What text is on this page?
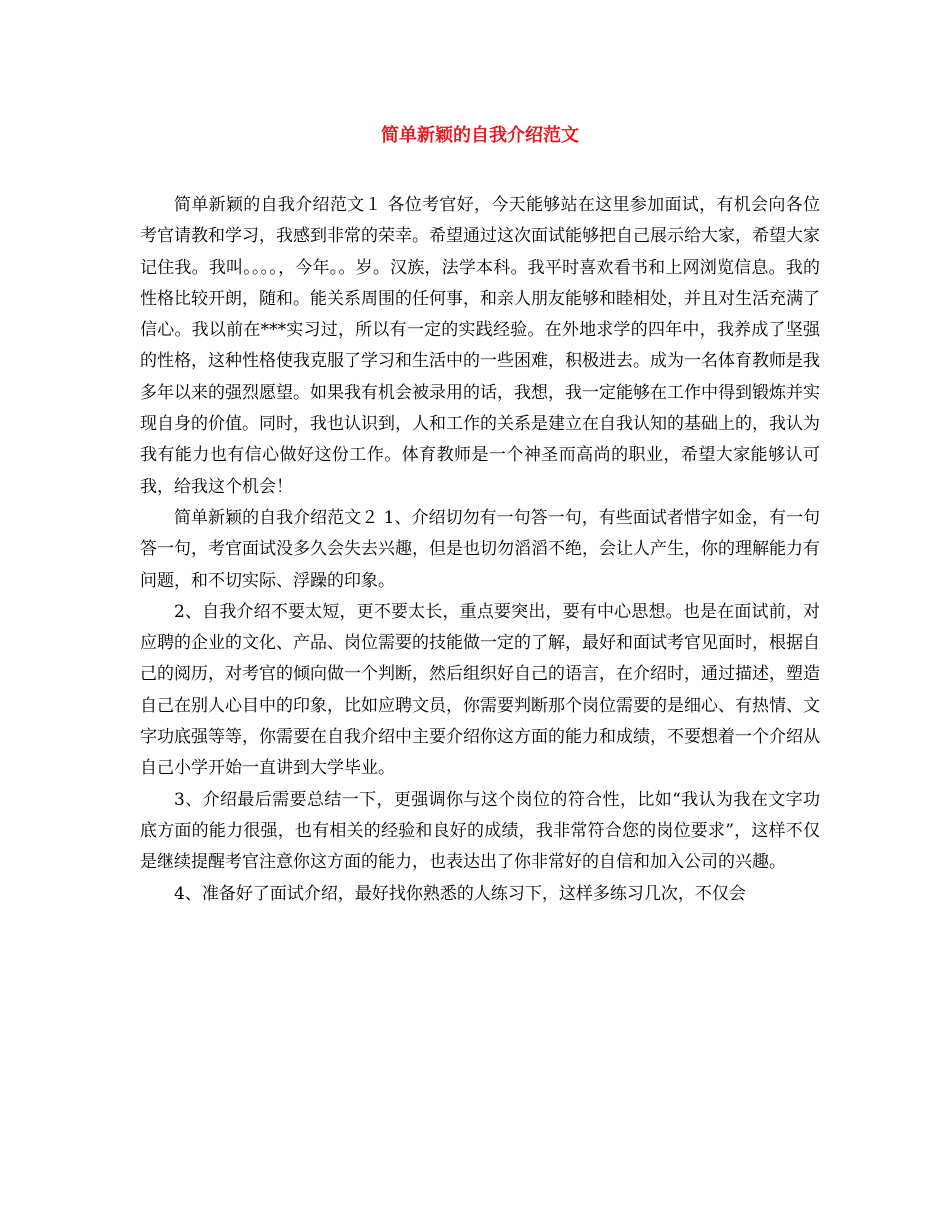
简单新颖的自我介绍范文

简单新颖的自我介绍范文１ 各位考官好，今天能够站在这里参加面试，有机会向各位考官请教和学习，我感到非常的荣幸。希望通过这次面试能够把自己展示给大家，希望大家记住我。我叫。。。。，今年。。岁。汉族，法学本科。我平时喜欢看书和上网浏览信息。我的性格比较开朗，随和。能关系周围的任何事，和亲人朋友能够和睦相处，并且对生活充满了信心。我以前在***实习过，所以有一定的实践经验。在外地求学的四年中，我养成了坚强的性格，这种性格使我克服了学习和生活中的一些困难，积极进去。成为一名体育教师是我多年以来的强烈愿望。如果我有机会被录用的话，我想，我一定能够在工作中得到锻炼并实现自身的价值。同时，我也认识到，人和工作的关系是建立在自我认知的基础上的，我认为我有能力也有信心做好这份工作。体育教师是一个神圣而高尚的职业，希望大家能够认可我，给我这个机会！

简单新颖的自我介绍范文２ 1、介绍切勿有一句答一句，有些面试者惜字如金，有一句答一句，考官面试没多久会失去兴趣，但是也切勿滔滔不绝，会让人产生，你的理解能力有问题，和不切实际、浮躁的印象。

2、自我介绍不要太短，更不要太长，重点要突出，要有中心思想。也是在面试前，对应聘的企业的文化、产品、岗位需要的技能做一定的了解，最好和面试考官见面时，根据自己的阅历，对考官的倾向做一个判断，然后组织好自己的语言，在介绍时，通过描述，塑造自己在别人心目中的印象，比如应聘文员，你需要判断那个岗位需要的是细心、有热情、文字功底强等等，你需要在自我介绍中主要介绍你这方面的能力和成绩，不要想着一个介绍从自己小学开始一直讲到大学毕业。

3、介绍最后需要总结一下，更强调你与这个岗位的符合性，比如“我认为我在文字功底方面的能力很强，也有相关的经验和良好的成绩，我非常符合您的岗位要求”，这样不仅是继续提醒考官注意你这方面的能力，也表达出了你非常好的自信和加入公司的兴趣。

4、准备好了面试介绍，最好找你熟悉的人练习下，这样多练习几次，不仅会
